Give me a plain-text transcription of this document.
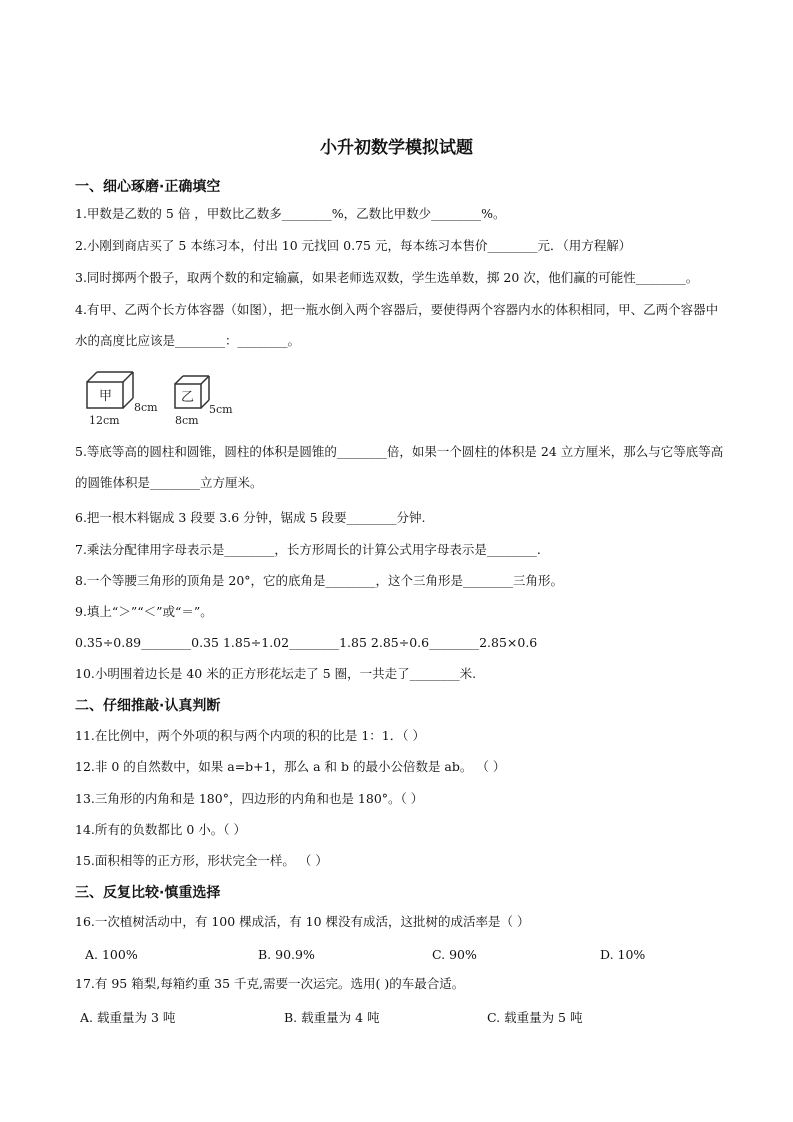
小升初数学模拟试题
一、细心琢磨·正确填空
1.甲数是乙数的 5 倍 ，甲数比乙数多________%，乙数比甲数少________%。
2.小刚到商店买了 5 本练习本，付出 10 元找回 0.75 元，每本练习本售价________元．（用方程解）
3.同时掷两个骰子，取两个数的和定输赢，如果老师选双数，学生选单数，掷 20 次，他们赢的可能性________。
4.有甲、乙两个长方体容器（如图），把一瓶水倒入两个容器后，要使得两个容器内水的体积相同，甲、乙两个容器中水的高度比应该是________：________。
甲
12cm
8cm
乙
8cm
5cm
5.等底等高的圆柱和圆锥，圆柱的体积是圆锥的________倍，如果一个圆柱的体积是 24 立方厘米，那么与它等底等高的圆锥体积是________立方厘米。
6.把一根木料锯成 3 段要 3.6 分钟，锯成 5 段要________分钟.
7.乘法分配律用字母表示是________，长方形周长的计算公式用字母表示是________.
8.一个等腰三角形的顶角是 20°，它的底角是________，这个三角形是________三角形。
9.填上“＞”“＜”或“＝”。
0.35÷0.89________0.35 1.85÷1.02________1.85 2.85÷0.6________2.85×0.6
10.小明围着边长是 40 米的正方形花坛走了 5 圈，一共走了________米.
二、仔细推敲·认真判断
11.在比例中，两个外项的积与两个内项的积的比是 1：1．（ ）
12.非 0 的自然数中，如果 a=b+1，那么 a 和 b 的最小公倍数是 ab。 （ ）
13.三角形的内角和是 180°，四边形的内角和也是 180°。（ ）
14.所有的负数都比 0 小。（ ）
15.面积相等的正方形，形状完全一样。 （ ）
三、反复比较·慎重选择
16.一次植树活动中，有 100 棵成活，有 10 棵没有成活，这批树的成活率是（ ）
A. 100%	B. 90.9%	C. 90%	D. 10%
17.有 95 箱梨,每箱约重 35 千克,需要一次运完。选用( )的车最合适。
A. 载重量为 3 吨	B. 载重量为 4 吨	C. 载重量为 5 吨
